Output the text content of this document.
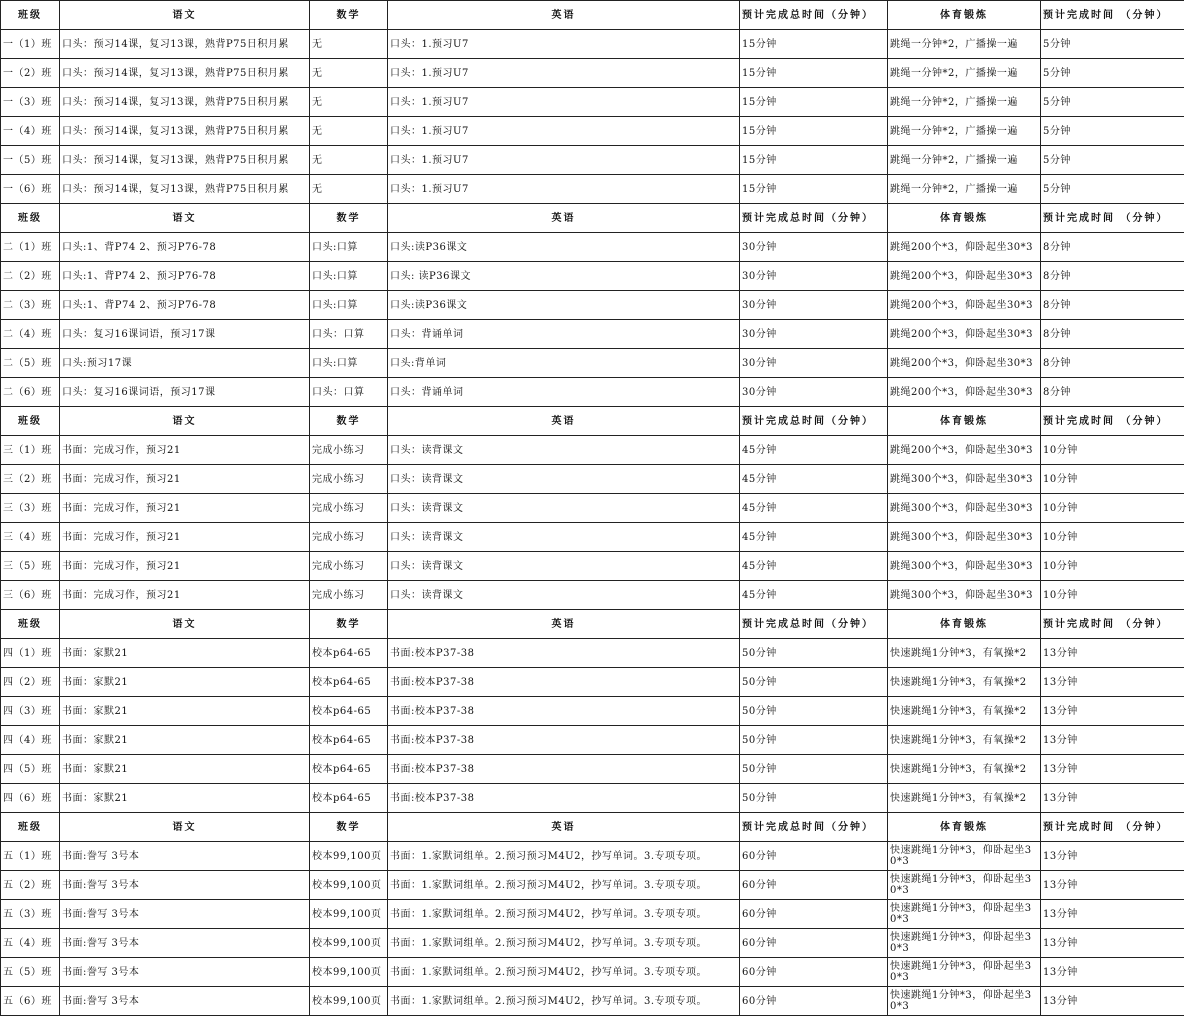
班级	语文	数学	英语	预计完成总时间（分钟）	体育锻炼	预计完成时间 （分钟）
一（1）班	口头：预习14课，复习13课，熟背P75日积月累	无	口头：1.预习U7	15分钟	跳绳一分钟*2，广播操一遍	5分钟
一（2）班	口头：预习14课，复习13课，熟背P75日积月累	无	口头：1.预习U7	15分钟	跳绳一分钟*2，广播操一遍	5分钟
一（3）班	口头：预习14课，复习13课，熟背P75日积月累	无	口头：1.预习U7	15分钟	跳绳一分钟*2，广播操一遍	5分钟
一（4）班	口头：预习14课，复习13课，熟背P75日积月累	无	口头：1.预习U7	15分钟	跳绳一分钟*2，广播操一遍	5分钟
一（5）班	口头：预习14课，复习13课，熟背P75日积月累	无	口头：1.预习U7	15分钟	跳绳一分钟*2，广播操一遍	5分钟
一（6）班	口头：预习14课，复习13课，熟背P75日积月累	无	口头：1.预习U7	15分钟	跳绳一分钟*2，广播操一遍	5分钟
班级	语文	数学	英语	预计完成总时间（分钟）	体育锻炼	预计完成时间 （分钟）
二（1）班	口头:1、背P74 2、预习P76-78	口头:口算	口头:读P36课文	30分钟	跳绳200个*3，仰卧起坐30*3	8分钟
二（2）班	口头:1、背P74 2、预习P76-78	口头:口算	口头: 读P36课文	30分钟	跳绳200个*3，仰卧起坐30*3	8分钟
二（3）班	口头:1、背P74 2、预习P76-78	口头:口算	口头:读P36课文	30分钟	跳绳200个*3，仰卧起坐30*3	8分钟
二（4）班	口头：复习16课词语，预习17课	口头：口算	口头：背诵单词	30分钟	跳绳200个*3，仰卧起坐30*3	8分钟
二（5）班	口头:预习17课	口头:口算	口头:背单词	30分钟	跳绳200个*3，仰卧起坐30*3	8分钟
二（6）班	口头：复习16课词语，预习17课	口头：口算	口头：背诵单词	30分钟	跳绳200个*3，仰卧起坐30*3	8分钟
班级	语文	数学	英语	预计完成总时间（分钟）	体育锻炼	预计完成时间 （分钟）
三（1）班	书面：完成习作，预习21	完成小练习	口头：读背课文	45分钟	跳绳200个*3，仰卧起坐30*3	10分钟
三（2）班	书面：完成习作，预习21	完成小练习	口头：读背课文	45分钟	跳绳300个*3，仰卧起坐30*3	10分钟
三（3）班	书面：完成习作，预习21	完成小练习	口头：读背课文	45分钟	跳绳300个*3，仰卧起坐30*3	10分钟
三（4）班	书面：完成习作，预习21	完成小练习	口头：读背课文	45分钟	跳绳300个*3，仰卧起坐30*3	10分钟
三（5）班	书面：完成习作，预习21	完成小练习	口头：读背课文	45分钟	跳绳300个*3，仰卧起坐30*3	10分钟
三（6）班	书面：完成习作，预习21	完成小练习	口头：读背课文	45分钟	跳绳300个*3，仰卧起坐30*3	10分钟
班级	语文	数学	英语	预计完成总时间（分钟）	体育锻炼	预计完成时间 （分钟）
四（1）班	书面：家默21	校本p64-65	书面:校本P37-38	50分钟	快速跳绳1分钟*3，有氧操*2	13分钟
四（2）班	书面：家默21	校本p64-65	书面:校本P37-38	50分钟	快速跳绳1分钟*3，有氧操*2	13分钟
四（3）班	书面：家默21	校本p64-65	书面:校本P37-38	50分钟	快速跳绳1分钟*3，有氧操*2	13分钟
四（4）班	书面：家默21	校本p64-65	书面:校本P37-38	50分钟	快速跳绳1分钟*3，有氧操*2	13分钟
四（5）班	书面：家默21	校本p64-65	书面:校本P37-38	50分钟	快速跳绳1分钟*3，有氧操*2	13分钟
四（6）班	书面：家默21	校本p64-65	书面:校本P37-38	50分钟	快速跳绳1分钟*3，有氧操*2	13分钟
班级	语文	数学	英语	预计完成总时间（分钟）	体育锻炼	预计完成时间 （分钟）
五（1）班	书面:誊写 3号本	校本99,100页	书面：1.家默词组单。2.预习预习M4U2，抄写单词。3.专项专项。	60分钟	快速跳绳1分钟*3，仰卧起坐30*3	13分钟
五（2）班	书面:誊写 3号本	校本99,100页	书面：1.家默词组单。2.预习预习M4U2，抄写单词。3.专项专项。	60分钟	快速跳绳1分钟*3，仰卧起坐30*3	13分钟
五（3）班	书面:誊写 3号本	校本99,100页	书面：1.家默词组单。2.预习预习M4U2，抄写单词。3.专项专项。	60分钟	快速跳绳1分钟*3，仰卧起坐30*3	13分钟
五（4）班	书面:誊写 3号本	校本99,100页	书面：1.家默词组单。2.预习预习M4U2，抄写单词。3.专项专项。	60分钟	快速跳绳1分钟*3，仰卧起坐30*3	13分钟
五（5）班	书面:誊写 3号本	校本99,100页	书面：1.家默词组单。2.预习预习M4U2，抄写单词。3.专项专项。	60分钟	快速跳绳1分钟*3，仰卧起坐30*3	13分钟
五（6）班	书面:誊写 3号本	校本99,100页	书面：1.家默词组单。2.预习预习M4U2，抄写单词。3.专项专项。	60分钟	快速跳绳1分钟*3，仰卧起坐30*3	13分钟
